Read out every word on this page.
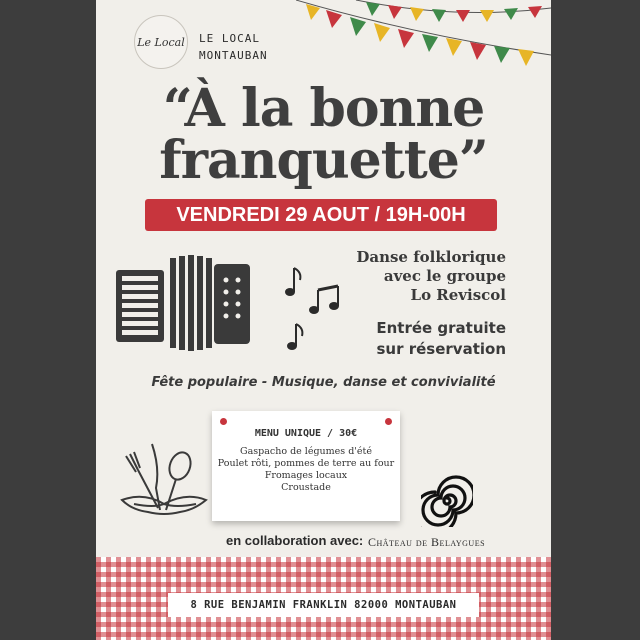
Le Local LE LOCAL
MONTAUBAN
“À la bonne
franquette”
VENDREDI 29 AOUT / 19H-00H
Danse folklorique
avec le groupe
Lo Reviscol
Entrée gratuite
sur réservation
Fête populaire - Musique, danse et convivialité
MENU UNIQUE / 30€
Gaspacho de légumes d'été
Poulet rôti, pommes de terre au four
Fromages locaux
Croustade
en collaboration avec: Château de Belaygues
8 RUE BENJAMIN FRANKLIN 82000 MONTAUBAN
